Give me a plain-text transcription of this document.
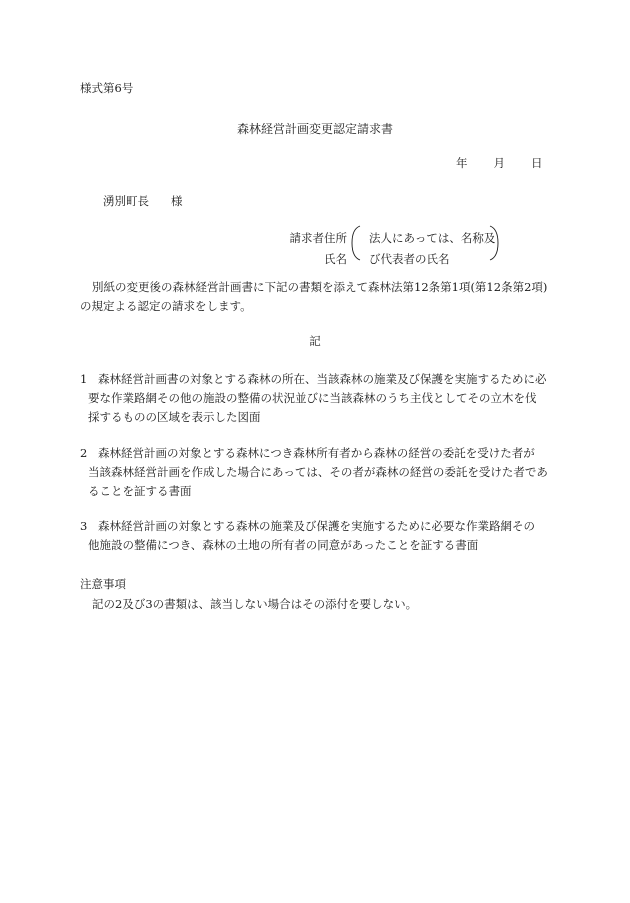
様式第6号
森林経営計画変更認定請求書
年 月 日
湧別町長 様
請求者住所
氏名
法人にあっては、名称及
び代表者の氏名
別紙の変更後の森林経営計画書に下記の書類を添えて森林法第12条第1項(第12条第2項)
の規定よる認定の請求をします。
記
1 森林経営計画書の対象とする森林の所在、当該森林の施業及び保護を実施するために必
要な作業路網その他の施設の整備の状況並びに当該森林のうち主伐としてその立木を伐
採するものの区域を表示した図面
2 森林経営計画の対象とする森林につき森林所有者から森林の経営の委託を受けた者が
当該森林経営計画を作成した場合にあっては、その者が森林の経営の委託を受けた者であ
ることを証する書面
3 森林経営計画の対象とする森林の施業及び保護を実施するために必要な作業路網その
他施設の整備につき、森林の土地の所有者の同意があったことを証する書面
注意事項
記の2及び3の書類は、該当しない場合はその添付を要しない。
